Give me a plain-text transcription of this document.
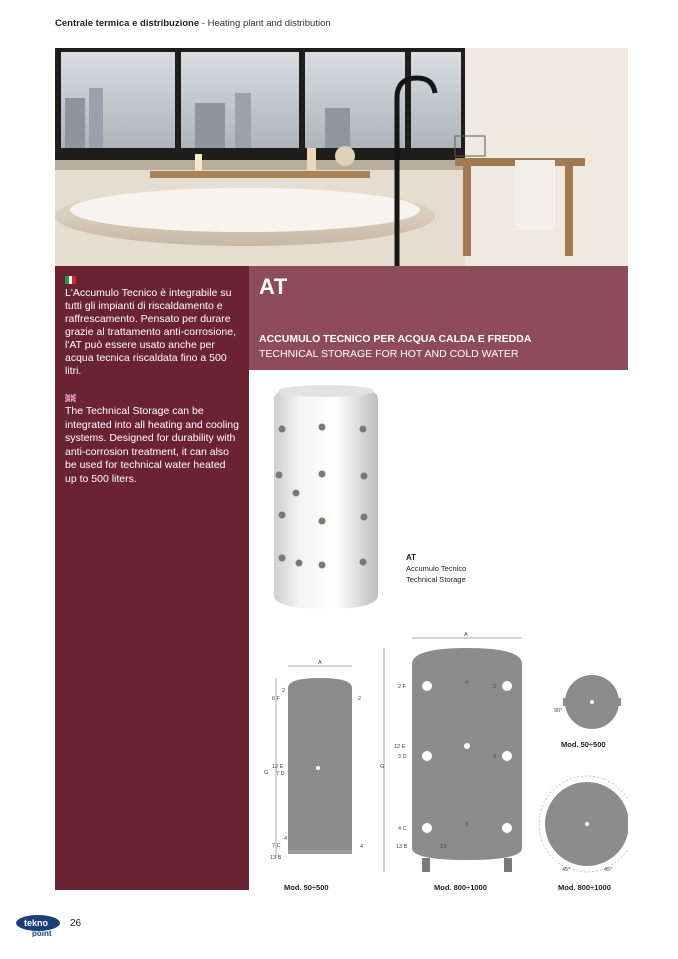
Centrale termica e distribuzione - Heating plant and distribution

L'Accumulo Tecnico è integrabile su tutti gli impianti di riscaldamento e raffrescamento. Pensato per durare grazie al trattamento anti-corrosione, l'AT può essere usato anche per acqua tecnica riscaldata fino a 500 litri.

The Technical Storage can be integrated into all heating and cooling systems. Designed for durability with anti-corrosion treatment, it can also be used for technical water heated up to 500 liters.

AT
ACCUMULO TECNICO PER ACQUA CALDA E FREDDA
TECHNICAL STORAGE FOR HOT AND COLD WATER
AT
Accumulo Tecnico
Technical Storage
A
G
2
6 F	2
12 E
7 D
4
7 C
13 B
4
A
G
2 F
4
2
12 E
3 D	3
4 C
3
13 B	13
90°
45°	45°
Mod. 50÷500	Mod. 800÷1000
Mod. 50÷500
Mod. 800÷1000
tekno
point
26
